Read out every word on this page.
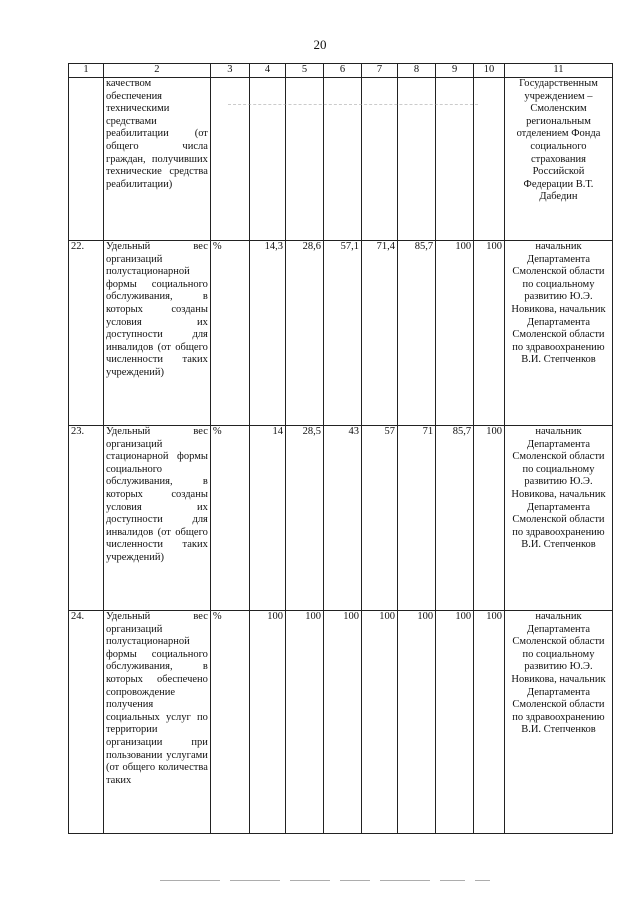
20
1	2	3	4	5	6	7	8	9	10	11
	качеством обеспечения техническими средствами реабилитации (от общего числа граждан, получивших технические средства реабилитации)									Государственным учреждением – Смоленским региональным отделением Фонда социального страхования Российской Федерации В.Т. Дабедин
22.	Удельный вес организаций полустационарной формы социального обслуживания, в которых созданы условия их доступности для инвалидов (от общего численности таких учреждений)	%	14,3	28,6	57,1	71,4	85,7	100	100	начальник Департамента Смоленской области по социальному развитию Ю.Э. Новикова, начальник Департамента Смоленской области по здравоохранению В.И. Степченков
23.	Удельный вес организаций стационарной формы социального обслуживания, в которых созданы условия их доступности для инвалидов (от общего численности таких учреждений)	%	14	28,5	43	57	71	85,7	100	начальник Департамента Смоленской области по социальному развитию Ю.Э. Новикова, начальник Департамента Смоленской области по здравоохранению В.И. Степченков
24.	Удельный вес организаций полустационарной формы социального обслуживания, в которых обеспечено сопровождение получения социальных услуг по территории организации при пользовании услугами (от общего количества таких	%	100	100	100	100	100	100	100	начальник Департамента Смоленской области по социальному развитию Ю.Э. Новикова, начальник Департамента Смоленской области по здравоохранению В.И. Степченков
